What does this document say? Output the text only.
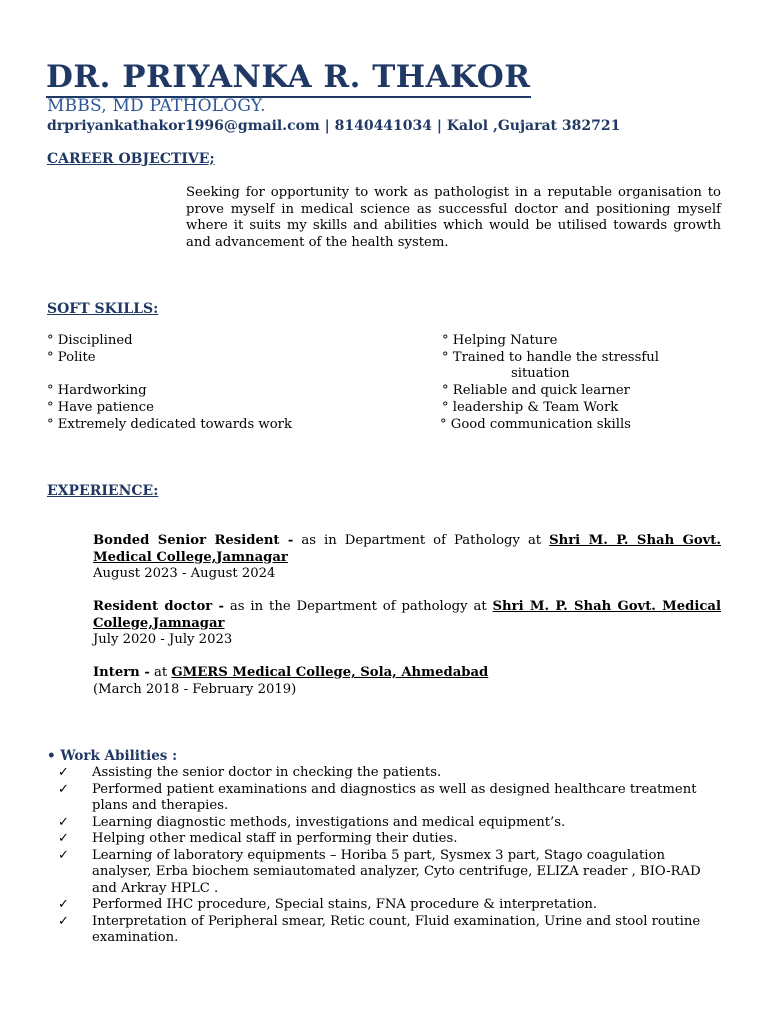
DR. PRIYANKA R. THAKOR
MBBS, MD PATHOLOGY.
drpriyankathakor1996@gmail.com | 8140441034 | Kalol ,Gujarat 382721
CAREER OBJECTIVE;
Seeking for opportunity to work as pathologist in a reputable organisation to prove myself in medical science as successful doctor and positioning myself where it suits my skills and abilities which would be utilised towards growth and advancement of the health system.
SOFT SKILLS:
° Disciplined
° Polite
° Hardworking
° Have patience
° Extremely dedicated towards work
° Helping Nature
° Trained to handle the stressful
situation
° Reliable and quick learner
° leadership & Team Work
° Good communication skills
EXPERIENCE:
Bonded Senior Resident - as in Department of Pathology at Shri M. P. Shah Govt. Medical College,Jamnagar
August 2023 - August 2024
Resident doctor - as in the Department of pathology at Shri M. P. Shah Govt. Medical College,Jamnagar
July 2020 - July 2023
Intern - at GMERS Medical College, Sola, Ahmedabad
(March 2018 - February 2019)
• Work Abilities :
✓	Assisting the senior doctor in checking the patients.
✓	Performed patient examinations and diagnostics as well as designed healthcare treatment plans and therapies.
✓	Learning diagnostic methods, investigations and medical equipment’s.
✓	Helping other medical staff in performing their duties.
✓	Learning of laboratory equipments – Horiba 5 part, Sysmex 3 part, Stago coagulation analyser, Erba biochem semiautomated analyzer, Cyto centrifuge, ELIZA reader , BIO-RAD and Arkray HPLC .
✓	Performed IHC procedure, Special stains, FNA procedure & interpretation.
✓	Interpretation of Peripheral smear, Retic count, Fluid examination, Urine and stool routine examination.
